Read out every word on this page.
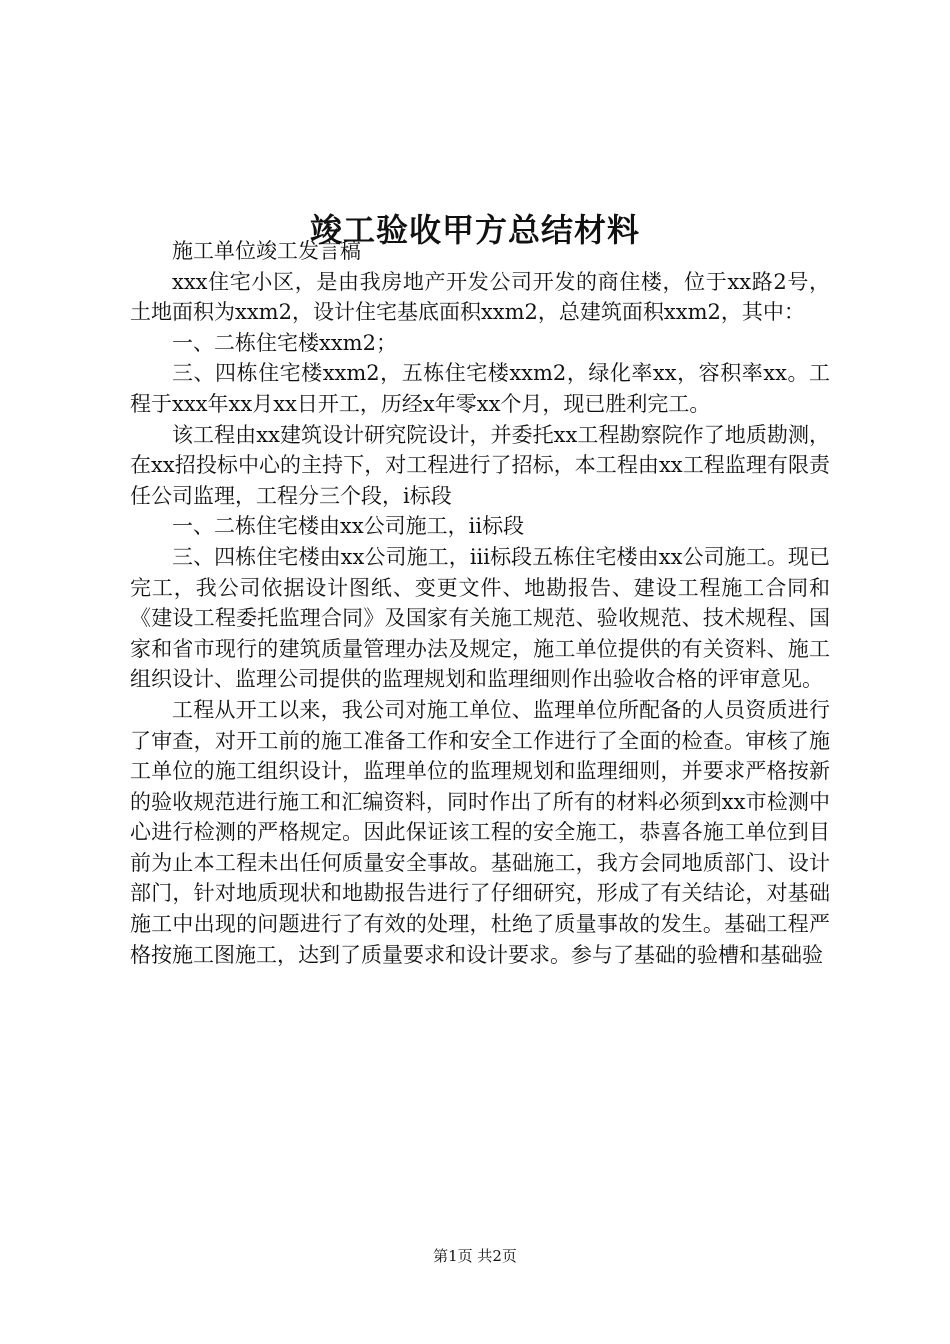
竣工验收甲方总结材料

施工单位竣工发言稿

xxx住宅小区，是由我房地产开发公司开发的商住楼，位于xx路2号，土地面积为xxm2，设计住宅基底面积xxm2，总建筑面积xxm2，其中：

一、二栋住宅楼xxm2；

三、四栋住宅楼xxm2，五栋住宅楼xxm2，绿化率xx，容积率xx。工程于xxx年xx月xx日开工，历经x年零xx个月，现已胜利完工。

该工程由xx建筑设计研究院设计，并委托xx工程勘察院作了地质勘测，在xx招投标中心的主持下，对工程进行了招标，本工程由xx工程监理有限责任公司监理，工程分三个段，i标段

一、二栋住宅楼由xx公司施工，ii标段

三、四栋住宅楼由xx公司施工，iii标段五栋住宅楼由xx公司施工。现已完工，我公司依据设计图纸、变更文件、地勘报告、建设工程施工合同和《建设工程委托监理合同》及国家有关施工规范、验收规范、技术规程、国家和省市现行的建筑质量管理办法及规定，施工单位提供的有关资料、施工组织设计、监理公司提供的监理规划和监理细则作出验收合格的评审意见。

工程从开工以来，我公司对施工单位、监理单位所配备的人员资质进行了审查，对开工前的施工准备工作和安全工作进行了全面的检查。审核了施工单位的施工组织设计，监理单位的监理规划和监理细则，并要求严格按新的验收规范进行施工和汇编资料，同时作出了所有的材料必须到xx市检测中心进行检测的严格规定。因此保证该工程的安全施工，恭喜各施工单位到目前为止本工程未出任何质量安全事故。基础施工，我方会同地质部门、设计部门，针对地质现状和地勘报告进行了仔细研究，形成了有关结论，对基础施工中出现的问题进行了有效的处理，杜绝了质量事故的发生。基础工程严格按施工图施工，达到了质量要求和设计要求。参与了基础的验槽和基础验

第1页 共2页
